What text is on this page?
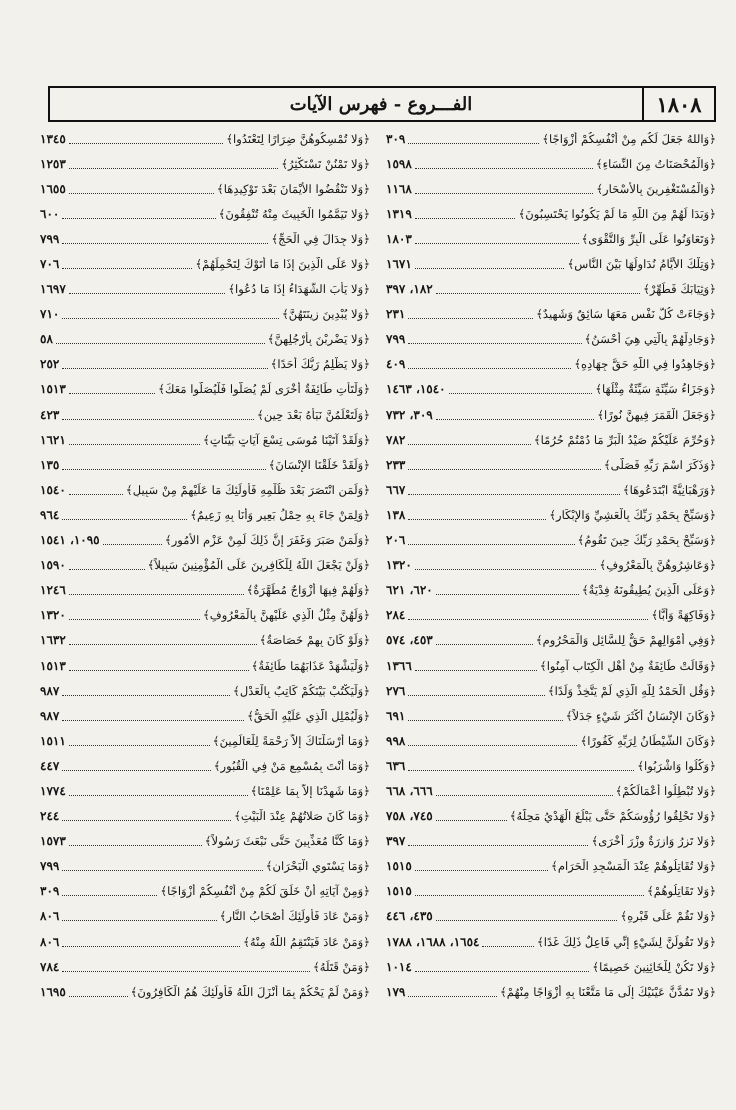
١٨٠٨
الفـــروع - فهرس الآيات
﴿وَاللهُ جَعَلَ لَكُم مِنْ أَنْفُسِكُمْ أَزْوَاجًا﴾
٣٠٩
﴿وَالْمُحْصَنَاتُ مِنَ النِّسَاءِ﴾
١٥٩٨
﴿وَالْمُسْتَغْفِرِينَ بِالأَسْحَارِ﴾
١١٦٨
﴿وَبَدَا لَهُمْ مِنَ اللَّهِ مَا لَمْ يَكُونُوا يَحْتَسِبُونَ﴾
١٣١٩
﴿وَتَعَاوَنُوا عَلَى الْبِرِّ وَالتَّقْوَى﴾
١٨٠٣
﴿وَتِلْكَ الأَيَّامُ نُدَاوِلُهَا بَيْنَ النَّاسِ﴾
١٦٧١
﴿وَثِيَابَكَ فَطَهِّرْ﴾
١٨٢، ٣٩٧
﴿وَجَاءَتْ كُلُّ نَفْسٍ مَعَهَا سَائِقٌ وَشَهِيدٌ﴾
٢٣١
﴿وَجَادِلْهُمْ بِالَّتِي هِيَ أَحْسَنُ﴾
٧٩٩
﴿وَجَاهِدُوا فِي اللَّهِ حَقَّ جِهَادِهِ﴾
٤٠٩
﴿وَجَزَاءُ سَيِّئَةٍ سَيِّئَةٌ مِثْلُهَا﴾
١٥٤٠، ١٤٦٣
﴿وَجَعَلَ الْقَمَرَ فِيهِنَّ نُورًا﴾
٣٠٩، ٧٣٢
﴿وَحُرِّمَ عَلَيْكُمْ صَيْدُ الْبَرِّ مَا دُمْتُمْ حُرُمًا﴾
٧٨٢
﴿وَذَكَرَ اسْمَ رَبِّهِ فَصَلَّى﴾
٢٣٣
﴿وَرَهْبَانِيَّةً ابْتَدَعُوهَا﴾
٦٦٧
﴿وَسَبِّحْ بِحَمْدِ رَبِّكَ بِالْعَشِيِّ وَالإِبْكَارِ﴾
١٣٨
﴿وَسَبِّحْ بِحَمْدِ رَبِّكَ حِينَ تَقُومُ﴾
٢٠٦
﴿وَعَاشِرُوهُنَّ بِالْمَعْرُوفِ﴾
١٣٢٠
﴿وَعَلَى الَّذِينَ يُطِيقُونَهُ فِدْيَةٌ﴾
٦٢٠، ٦٢١
﴿وَفَاكِهَةً وَأَبًّا﴾
٢٨٤
﴿وَفِي أَمْوَالِهِمْ حَقٌّ لِلسَّائِلِ وَالْمَحْرُومِ﴾
٤٥٣، ٥٧٤
﴿وَقَالَتْ طَائِفَةٌ مِنْ أَهْلِ الْكِتَابِ آمِنُوا﴾
١٣٦٦
﴿وَقُلِ الْحَمْدُ لِلَّهِ الَّذِي لَمْ يَتَّخِذْ وَلَدًا﴾
٢٧٦
﴿وَكَانَ الإِنْسَانُ أَكْثَرَ شَيْءٍ جَدَلاً﴾
٦٩١
﴿وَكَانَ الشَّيْطَانُ لِرَبِّهِ كَفُورًا﴾
٩٩٨
﴿وَكُلُوا وَاشْرَبُوا﴾
٦٣٦
﴿وَلا تُبْطِلُوا أَعْمَالَكُمْ﴾
٦٦٦، ٦٦٨
﴿وَلا تَحْلِقُوا رُؤُوسَكُمْ حَتَّى يَبْلُغَ الْهَدْيُ مَحِلَّهُ﴾
٧٤٥، ٧٥٨
﴿وَلا تَزِرُ وَازِرَةٌ وِزْرَ أُخْرَى﴾
٣٩٧
﴿وَلا تُقَاتِلُوهُمْ عِنْدَ الْمَسْجِدِ الْحَرَامِ﴾
١٥١٥
﴿وَلا تَقَاتِلُوهُمْ﴾
١٥١٥
﴿وَلا تَقُمْ عَلَى قَبْرِهِ﴾
٤٣٥، ٤٤٦
﴿وَلا تَقُولَنَّ لِشَيْءٍ إِنِّي فَاعِلٌ ذَلِكَ غَدًا﴾
١٦٥٤، ١٦٨٨، ١٧٨٨
﴿وَلا تَكُنْ لِلْخَائِنِينَ خَصِيمًا﴾
١٠١٤
﴿وَلا تَمُدَّنَّ عَيْنَيْكَ إِلَى مَا مَتَّعْنَا بِهِ أَزْوَاجًا مِنْهُمْ﴾
١٧٩
﴿وَلا تُمْسِكُوهُنَّ ضِرَارًا لِتَعْتَدُوا﴾
١٣٤٥
﴿وَلا تَمْنُنْ تَسْتَكْثِرُ﴾
١٢٥٣
﴿وَلا تَنْقُضُوا الأَيْمَانَ بَعْدَ تَوْكِيدِهَا﴾
١٦٥٥
﴿وَلا تَيَمَّمُوا الْخَبِيثَ مِنْهُ تُنْفِقُونَ﴾
٦٠٠
﴿وَلا جِدَالَ فِي الْحَجِّ﴾
٧٩٩
﴿وَلا عَلَى الَّذِينَ إِذَا مَا أَتَوْكَ لِتَحْمِلَهُمْ﴾
٧٠٦
﴿وَلا يَأْبَ الشُّهَدَاءُ إِذَا مَا دُعُوا﴾
١٦٩٧
﴿وَلا يُبْدِينَ زِينَتَهُنَّ﴾
٧١٠
﴿وَلا يَضْرِبْنَ بِأَرْجُلِهِنَّ﴾
٥٨
﴿وَلا يَظْلِمُ رَبُّكَ أَحَدًا﴾
٢٥٢
﴿وَلْتَأْتِ طَائِفَةٌ أُخْرَى لَمْ يُصَلُّوا فَلْيُصَلُّوا مَعَكَ﴾
١٥١٣
﴿وَلَتَعْلَمُنَّ نَبَأَهُ بَعْدَ حِينٍ﴾
٤٢٣
﴿وَلَقَدْ آتَيْنَا مُوسَى تِسْعَ آيَاتٍ بَيِّنَاتٍ﴾
١٦٢١
﴿وَلَقَدْ خَلَقْنَا الإِنْسَانَ﴾
١٣٥
﴿وَلَمَنِ انْتَصَرَ بَعْدَ ظُلْمِهِ فَأُولَئِكَ مَا عَلَيْهِمْ مِنْ سَبِيلٍ﴾
١٥٤٠
﴿وَلِمَنْ جَاءَ بِهِ حِمْلُ بَعِيرٍ وَأَنَا بِهِ زَعِيمٌ﴾
٩٦٤
﴿وَلَمَنْ صَبَرَ وَغَفَرَ إِنَّ ذَلِكَ لَمِنْ عَزْمِ الأُمُورِ﴾
١٠٩٥، ١٥٤١
﴿وَلَنْ يَجْعَلَ اللَّهُ لِلْكَافِرِينَ عَلَى الْمُؤْمِنِينَ سَبِيلاً﴾
١٥٩٠
﴿وَلَهُمْ فِيهَا أَزْوَاجٌ مُطَهَّرَةٌ﴾
١٢٤٦
﴿وَلَهُنَّ مِثْلُ الَّذِي عَلَيْهِنَّ بِالْمَعْرُوفِ﴾
١٣٢٠
﴿وَلَوْ كَانَ بِهِمْ خَصَاصَةٌ﴾
١٦٣٢
﴿وَلْيَشْهَدْ عَذَابَهُمَا طَائِفَةٌ﴾
١٥١٣
﴿وَلْيَكْتُبْ بَيْنَكُمْ كَاتِبٌ بِالْعَدْلِ﴾
٩٨٧
﴿وَلْيُمْلِلِ الَّذِي عَلَيْهِ الْحَقُّ﴾
٩٨٧
﴿وَمَا أَرْسَلْنَاكَ إِلاَّ رَحْمَةً لِلْعَالَمِينَ﴾
١٥١١
﴿وَمَا أَنْتَ بِمُسْمِعٍ مَنْ فِي الْقُبُورِ﴾
٤٤٧
﴿وَمَا شَهِدْنَا إِلاَّ بِمَا عَلِمْنَا﴾
١٧٧٤
﴿وَمَا كَانَ صَلاتُهُمْ عِنْدَ الْبَيْتِ﴾
٢٤٤
﴿وَمَا كُنَّا مُعَذِّبِينَ حَتَّى نَبْعَثَ رَسُولاً﴾
١٥٧٣
﴿وَمَا يَسْتَوِي الْبَحْرَانِ﴾
٧٩٩
﴿وَمِنْ آيَاتِهِ أَنْ خَلَقَ لَكُمْ مِنْ أَنْفُسِكُمْ أَزْوَاجًا﴾
٣٠٩
﴿وَمَنْ عَادَ فَأُولَئِكَ أَصْحَابُ النَّارِ﴾
٨٠٦
﴿وَمَنْ عَادَ فَيَنْتَقِمُ اللَّهُ مِنْهُ﴾
٨٠٦
﴿وَمَنْ قَتَلَهُ﴾
٧٨٤
﴿وَمَنْ لَمْ يَحْكُمْ بِمَا أَنْزَلَ اللَّهُ فَأُولَئِكَ هُمُ الْكَافِرُونَ﴾
١٦٩٥
